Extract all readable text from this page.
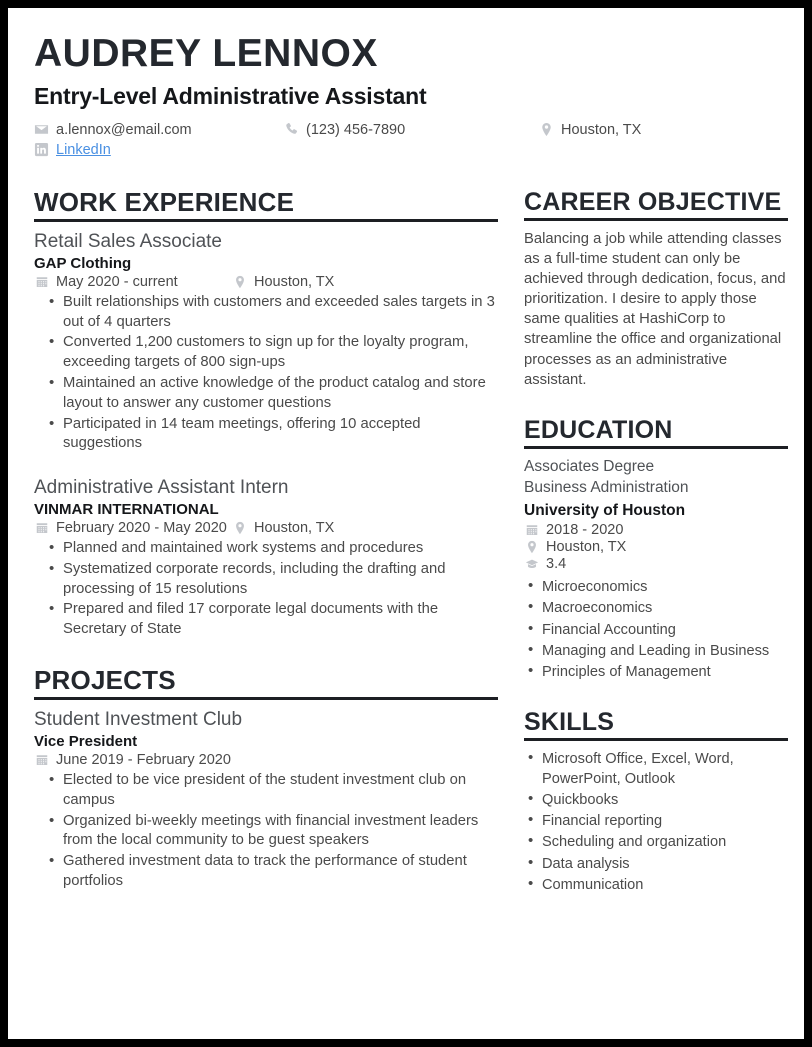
AUDREY LENNOX
Entry-Level Administrative Assistant
a.lennox@email.com	(123) 456-7890	Houston, TX
LinkedIn
WORK EXPERIENCE
Retail Sales Associate
GAP Clothing
May 2020 - current	Houston, TX
• Built relationships with customers and exceeded sales targets in 3 out of 4 quarters
• Converted 1,200 customers to sign up for the loyalty program, exceeding targets of 800 sign-ups
• Maintained an active knowledge of the product catalog and store layout to answer any customer questions
• Participated in 14 team meetings, offering 10 accepted suggestions
Administrative Assistant Intern
VINMAR INTERNATIONAL
February 2020 - May 2020 Houston, TX
• Planned and maintained work systems and procedures
• Systematized corporate records, including the drafting and processing of 15 resolutions
• Prepared and filed 17 corporate legal documents with the Secretary of State
PROJECTS
Student Investment Club
Vice President
June 2019 - February 2020
• Elected to be vice president of the student investment club on campus
• Organized bi-weekly meetings with financial investment leaders from the local community to be guest speakers
• Gathered investment data to track the performance of student portfolios
CAREER OBJECTIVE
Balancing a job while attending classes as a full-time student can only be achieved through dedication, focus, and prioritization. I desire to apply those same qualities at HashiCorp to streamline the office and organizational processes as an administrative assistant.
EDUCATION
Associates Degree
Business Administration
University of Houston
2018 - 2020
Houston, TX
3.4
• Microeconomics
• Macroeconomics
• Financial Accounting
• Managing and Leading in Business
• Principles of Management
SKILLS
• Microsoft Office, Excel, Word, PowerPoint, Outlook
• Quickbooks
• Financial reporting
• Scheduling and organization
• Data analysis
• Communication
